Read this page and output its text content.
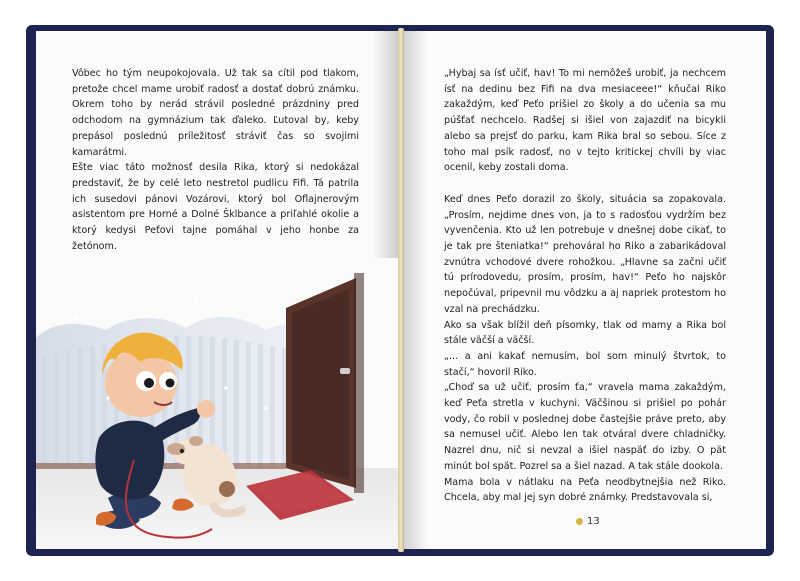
Vôbec ho tým neupokojovala. Už tak sa cítil pod tlakom, pretože chcel mame urobiť radosť a dostať dobrú známku. Okrem toho by nerád strávil posledné prázdniny pred odchodom na gymnázium tak ďaleko. Ľutoval by, keby prepásol poslednú príležitosť stráviť čas so svojimi kamarátmi.

Ešte viac táto možnosť desila Rika, ktorý si nedokázal predstaviť, že by celé leto nestretol pudlicu Fifi. Tá patrila ich susedovi pánovi Vozárovi, ktorý bol Oflajnerovým asistentom pre Horné a Dolné Šklbance a priľahlé okolie a ktorý kedysi Peťovi tajne pomáhal v jeho honbe za žetónom.

„Hybaj sa ísť učiť, hav! To mi nemôžeš urobiť, ja nechcem ísť na dedinu bez Fifi na dva mesiaceee!“ kňučal Riko zakaždým, keď Peťo prišiel zo školy a do učenia sa mu púšťať nechcelo. Radšej si išiel von zajazdiť na bicykli alebo sa prejsť do parku, kam Rika bral so sebou. Síce z toho mal psík radosť, no v tejto kritickej chvíli by viac ocenil, keby zostali doma.

Keď dnes Peťo dorazil zo školy, situácia sa zopakovala. „Prosím, nejdime dnes von, ja to s radosťou vydržím bez vyvenčenia. Kto už len potrebuje v dnešnej dobe cikať, to je tak pre šteniatka!“ prehováral ho Riko a zabarikádoval zvnútra vchodové dvere rohožkou. „Hlavne sa začni učiť tú prírodovedu, prosím, prosím, hav!“ Peťo ho najskôr nepočúval, pripevnil mu vôdzku a aj napriek protestom ho vzal na prechádzku.

Ako sa však blížil deň písomky, tlak od mamy a Rika bol stále väčší a väčší.

„... a ani kakať nemusím, bol som minulý štvrtok, to stačí,“ hovoril Riko.

„Choď sa už učiť, prosím ťa,“ vravela mama zakaždým, keď Peťa stretla v kuchyni. Väčšinou si prišiel po pohár vody, čo robil v poslednej dobe častejšie práve preto, aby sa nemusel učiť. Alebo len tak otváral dvere chladničky. Nazrel dnu, nič si nevzal a išiel naspäť do izby. O pät minút bol spät. Pozrel sa a šiel nazad. A tak stále dookola.

Mama bola v nátlaku na Peťa neodbytnejšia než Riko. Chcela, aby mal jej syn dobré známky. Predstavovala si,

13
